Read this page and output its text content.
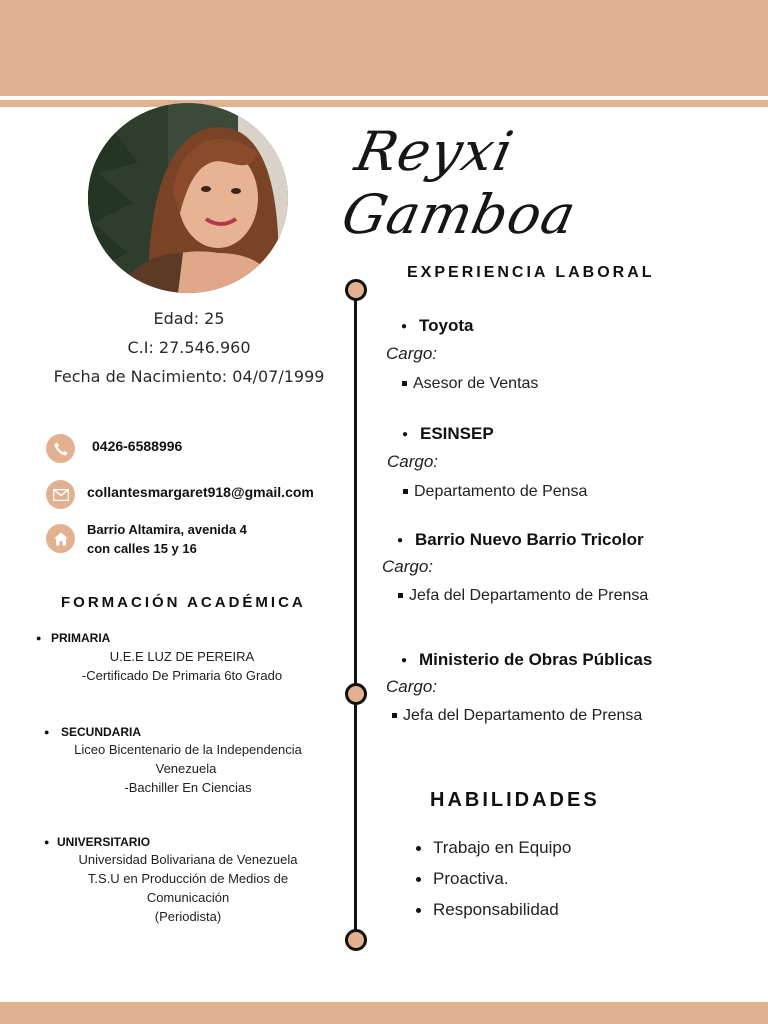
Reyxi Gamboa
Edad: 25
C.I: 27.546.960
Fecha de Nacimiento: 04/07/1999
0426-6588996
collantesmargaret918@gmail.com
Barrio Altamira, avenida 4
con calles 15 y 16
FORMACIÓN ACADÉMICA
● PRIMARIA
U.E.E LUZ DE PEREIRA
-Certificado De Primaria 6to Grado
● SECUNDARIA
Liceo Bicentenario de la Independencia
Venezuela
-Bachiller En Ciencias
● UNIVERSITARIO
Universidad Bolivariana de Venezuela
T.S.U en Producción de Medios de
Comunicación
(Periodista)
EXPERIENCIA LABORAL
● Toyota
Cargo:
Asesor de Ventas
● ESINSEP
Cargo:
Departamento de Pensa
● Barrio Nuevo Barrio Tricolor
Cargo:
Jefa del Departamento de Prensa
● Ministerio de Obras Públicas
Cargo:
Jefa del Departamento de Prensa
HABILIDADES
Trabajo en Equipo
Proactiva.
Responsabilidad
